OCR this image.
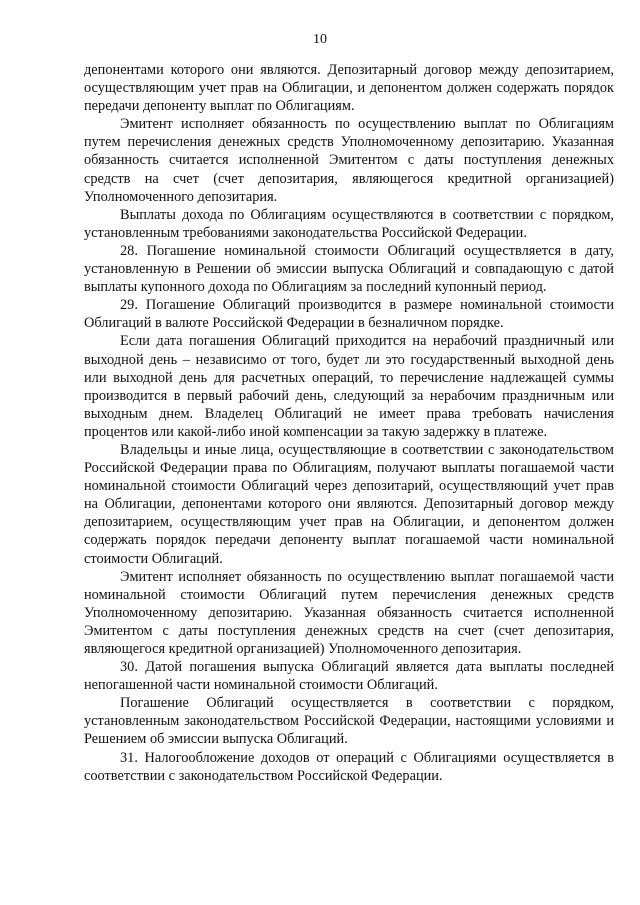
10

депонентами которого они являются. Депозитарный договор между депозитарием, осуществляющим учет прав на Облигации, и депонентом должен содержать порядок передачи депоненту выплат по Облигациям.

Эмитент исполняет обязанность по осуществлению выплат по Облигациям путем перечисления денежных средств Уполномоченному депозитарию. Указанная обязанность считается исполненной Эмитентом с даты поступления денежных средств на счет (счет депозитария, являющегося кредитной организацией) Уполномоченного депозитария.

Выплаты дохода по Облигациям осуществляются в соответствии с порядком, установленным требованиями законодательства Российской Федерации.

28. Погашение номинальной стоимости Облигаций осуществляется в дату, установленную в Решении об эмиссии выпуска Облигаций и совпадающую с датой выплаты купонного дохода по Облигациям за последний купонный период.

29. Погашение Облигаций производится в размере номинальной стоимости Облигаций в валюте Российской Федерации в безналичном порядке.

Если дата погашения Облигаций приходится на нерабочий праздничный или выходной день – независимо от того, будет ли это государственный выходной день или выходной день для расчетных операций, то перечисление надлежащей суммы производится в первый рабочий день, следующий за нерабочим праздничным или выходным днем. Владелец Облигаций не имеет права требовать начисления процентов или какой-либо иной компенсации за такую задержку в платеже.

Владельцы и иные лица, осуществляющие в соответствии с законодательством Российской Федерации права по Облигациям, получают выплаты погашаемой части номинальной стоимости Облигаций через депозитарий, осуществляющий учет прав на Облигации, депонентами которого они являются. Депозитарный договор между депозитарием, осуществляющим учет прав на Облигации, и депонентом должен содержать порядок передачи депоненту выплат погашаемой части номинальной стоимости Облигаций.

Эмитент исполняет обязанность по осуществлению выплат погашаемой части номинальной стоимости Облигаций путем перечисления денежных средств Уполномоченному депозитарию. Указанная обязанность считается исполненной Эмитентом с даты поступления денежных средств на счет (счет депозитария, являющегося кредитной организацией) Уполномоченного депозитария.

30. Датой погашения выпуска Облигаций является дата выплаты последней непогашенной части номинальной стоимости Облигаций.

Погашение Облигаций осуществляется в соответствии с порядком, установленным законодательством Российской Федерации, настоящими условиями и Решением об эмиссии выпуска Облигаций.

31. Налогообложение доходов от операций с Облигациями осуществляется в соответствии с законодательством Российской Федерации.
